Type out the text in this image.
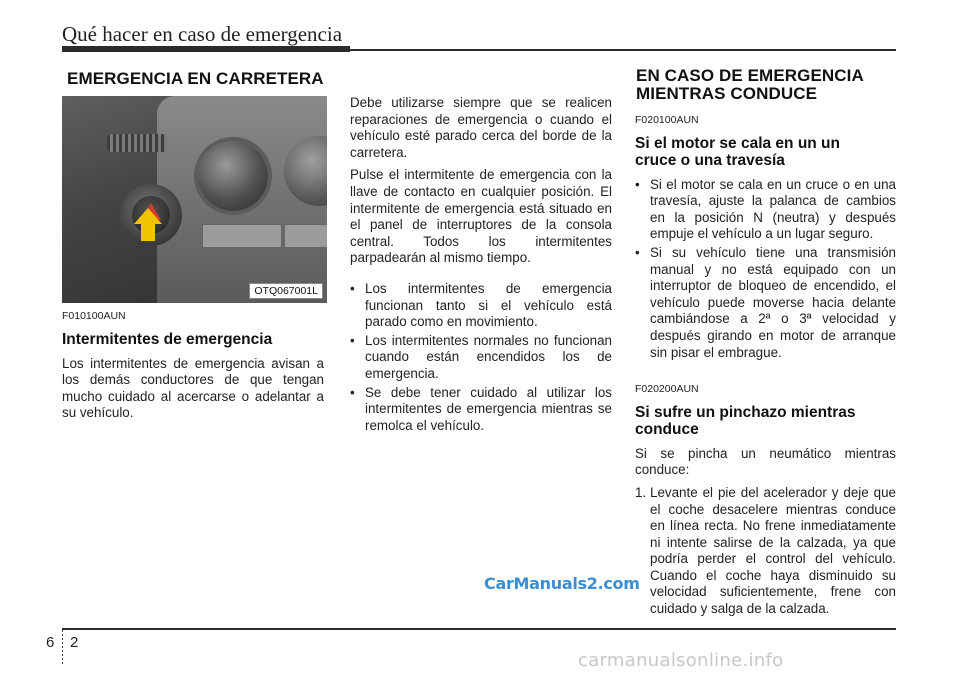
Qué hacer en caso de emergencia
EMERGENCIA EN CARRETERA
OTQ067001L
F010100AUN
Intermitentes de emergencia

Los intermitentes de emergencia avisan a los demás conductores de que tengan mucho cuidado al acercarse o adelantar a su vehículo.

Debe utilizarse siempre que se realicen reparaciones de emergencia o cuando el vehículo esté parado cerca del borde de la carretera.

Pulse el intermitente de emergencia con la llave de contacto en cualquier posición. El intermitente de emergencia está situado en el panel de interruptores de la consola central. Todos los intermitentes parpadearán al mismo tiempo.

• Los intermitentes de emergencia funcionan tanto si el vehículo está parado como en movimiento.
• Los intermitentes normales no funcionan cuando están encendidos los de emergencia.
• Se debe tener cuidado al utilizar los intermitentes de emergencia mientras se remolca el vehículo.
EN CASO DE EMERGENCIA
MIENTRAS CONDUCE
F020100AUN
Si el motor se cala en un un
cruce o una travesía
• Si el motor se cala en un cruce o en una travesía, ajuste la palanca de cambios en la posición N (neutra) y después empuje el vehículo a un lugar seguro.
• Si su vehículo tiene una transmisión manual y no está equipado con un interruptor de bloqueo de encendido, el vehículo puede moverse hacia delante cambiándose a 2ª o 3ª velocidad y después girando en motor de arranque sin pisar el embrague.
F020200AUN
Si sufre un pinchazo mientras
conduce

Si se pincha un neumático mientras conduce:

1. Levante el pie del acelerador y deje que el coche desacelere mientras conduce en línea recta. No frene inmediatamente ni intente salirse de la calzada, ya que podría perder el control del vehículo. Cuando el coche haya disminuido su velocidad suficientemente, frene con cuidado y salga de la calzada.
CarManuals2.com
6 2
carmanualsonline.info
